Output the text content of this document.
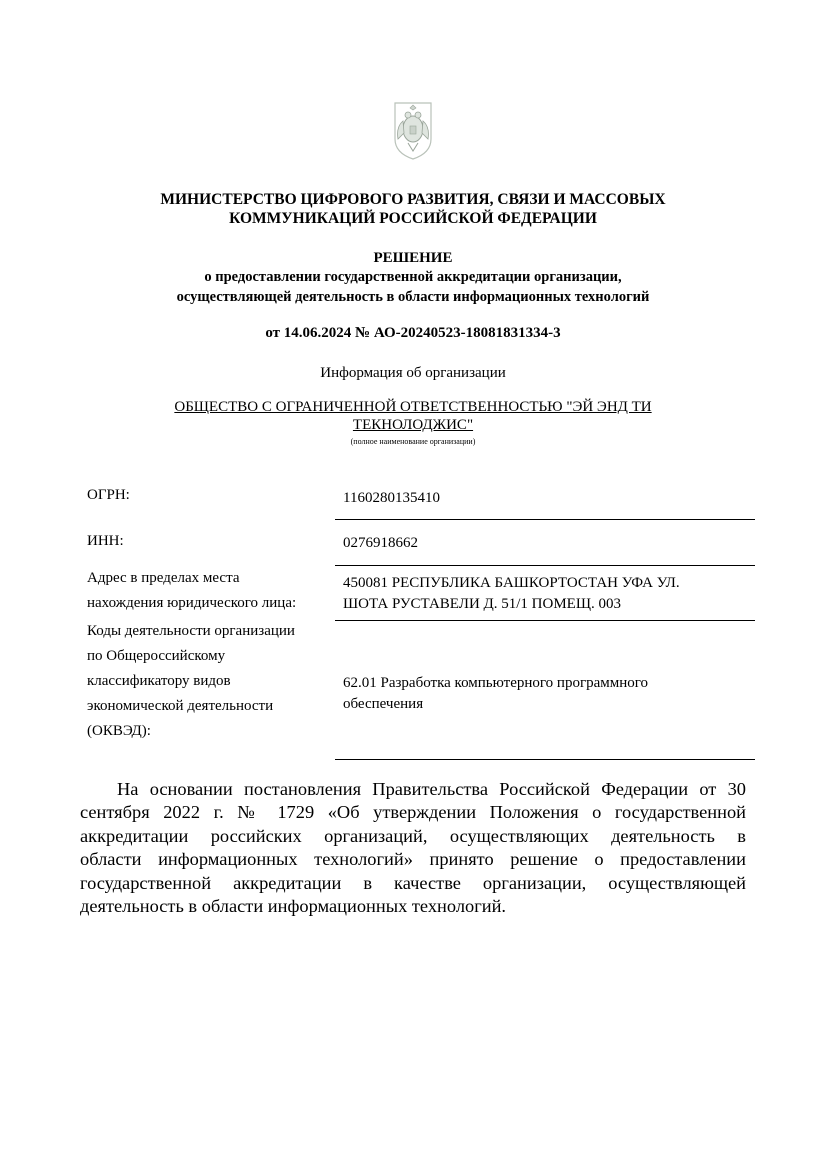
МИНИСТЕРСТВО ЦИФРОВОГО РАЗВИТИЯ, СВЯЗИ И МАССОВЫХ
КОММУНИКАЦИЙ РОССИЙСКОЙ ФЕДЕРАЦИИ
РЕШЕНИЕ
о предоставлении государственной аккредитации организации,
осуществляющей деятельность в области информационных технологий
от 14.06.2024 № АО-20240523-18081831334-3
Информация об организации
ОБЩЕСТВО С ОГРАНИЧЕННОЙ ОТВЕТСТВЕННОСТЬЮ "ЭЙ ЭНД ТИ
ТЕКНОЛОДЖИС"
(полное наименование организации)
ОГРН:	1160280135410
ИНН:	0276918662
Адрес в пределах места
нахождения юридического лица:
450081 РЕСПУБЛИКА БАШКОРТОСТАН УФА УЛ.
ШОТА РУСТАВЕЛИ Д. 51/1 ПОМЕЩ. 003
Коды деятельности организации
по Общероссийскому
классификатору видов
экономической деятельности
(ОКВЭД):
62.01 Разработка компьютерного программного
обеспечения
На основании постановления Правительства Российской Федерации от 30
сентября 2022 г. № 1729 «Об утверждении Положения о государственной
аккредитации российских организаций, осуществляющих деятельность в
области информационных технологий» принято решение о предоставлении
государственной аккредитации в качестве организации, осуществляющей
деятельность в области информационных технологий.
